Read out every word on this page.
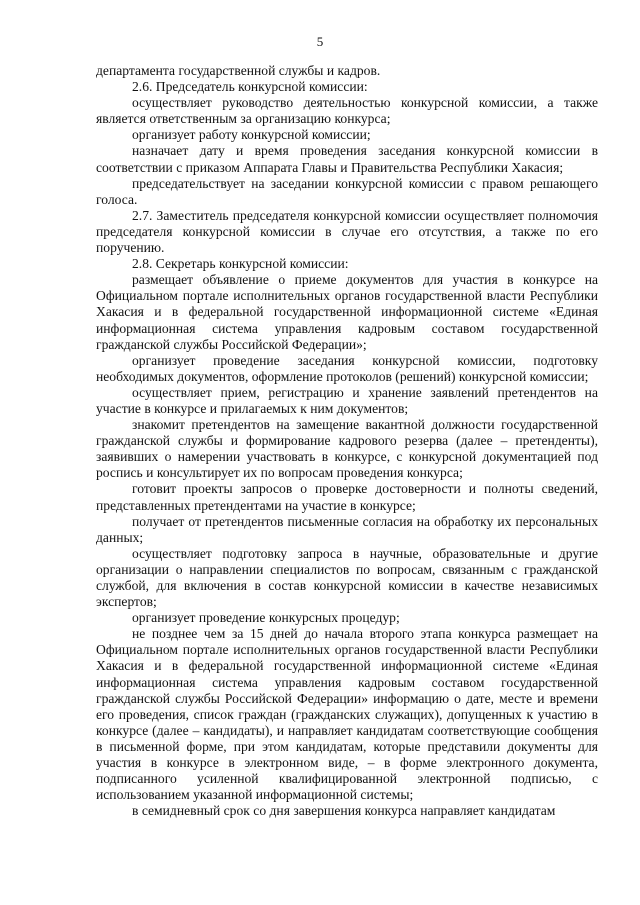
5

департамента государственной службы и кадров.

2.6. Председатель конкурсной комиссии:

осуществляет руководство деятельностью конкурсной комиссии, а также является ответственным за организацию конкурса;

организует работу конкурсной комиссии;

назначает дату и время проведения заседания конкурсной комиссии в соответствии с приказом Аппарата Главы и Правительства Республики Хакасия;

председательствует на заседании конкурсной комиссии с правом решающего голоса.

2.7. Заместитель председателя конкурсной комиссии осуществляет полномочия председателя конкурсной комиссии в случае его отсутствия, а также по его поручению.

2.8. Секретарь конкурсной комиссии:

размещает объявление о приеме документов для участия в конкурсе на Официальном портале исполнительных органов государственной власти Республики Хакасия и в федеральной государственной информационной системе «Единая информационная система управления кадровым составом государственной гражданской службы Российской Федерации»;

организует проведение заседания конкурсной комиссии, подготовку необходимых документов, оформление протоколов (решений) конкурсной комиссии;

осуществляет прием, регистрацию и хранение заявлений претендентов на участие в конкурсе и прилагаемых к ним документов;

знакомит претендентов на замещение вакантной должности государственной гражданской службы и формирование кадрового резерва (далее – претенденты), заявивших о намерении участвовать в конкурсе, с конкурсной документацией под роспись и консультирует их по вопросам проведения конкурса;

готовит проекты запросов о проверке достоверности и полноты сведений, представленных претендентами на участие в конкурсе;

получает от претендентов письменные согласия на обработку их персональных данных;

осуществляет подготовку запроса в научные, образовательные и другие организации о направлении специалистов по вопросам, связанным с гражданской службой, для включения в состав конкурсной комиссии в качестве независимых экспертов;

организует проведение конкурсных процедур;

не позднее чем за 15 дней до начала второго этапа конкурса размещает на Официальном портале исполнительных органов государственной власти Республики Хакасия и в федеральной государственной информационной системе «Единая информационная система управления кадровым составом государственной гражданской службы Российской Федерации» информацию о дате, месте и времени его проведения, список граждан (гражданских служащих), допущенных к участию в конкурсе (далее – кандидаты), и направляет кандидатам соответствующие сообщения в письменной форме, при этом кандидатам, которые представили документы для участия в конкурсе в электронном виде, – в форме электронного документа, подписанного усиленной квалифицированной электронной подписью, с использованием указанной информационной системы;

в семидневный срок со дня завершения конкурса направляет кандидатам
